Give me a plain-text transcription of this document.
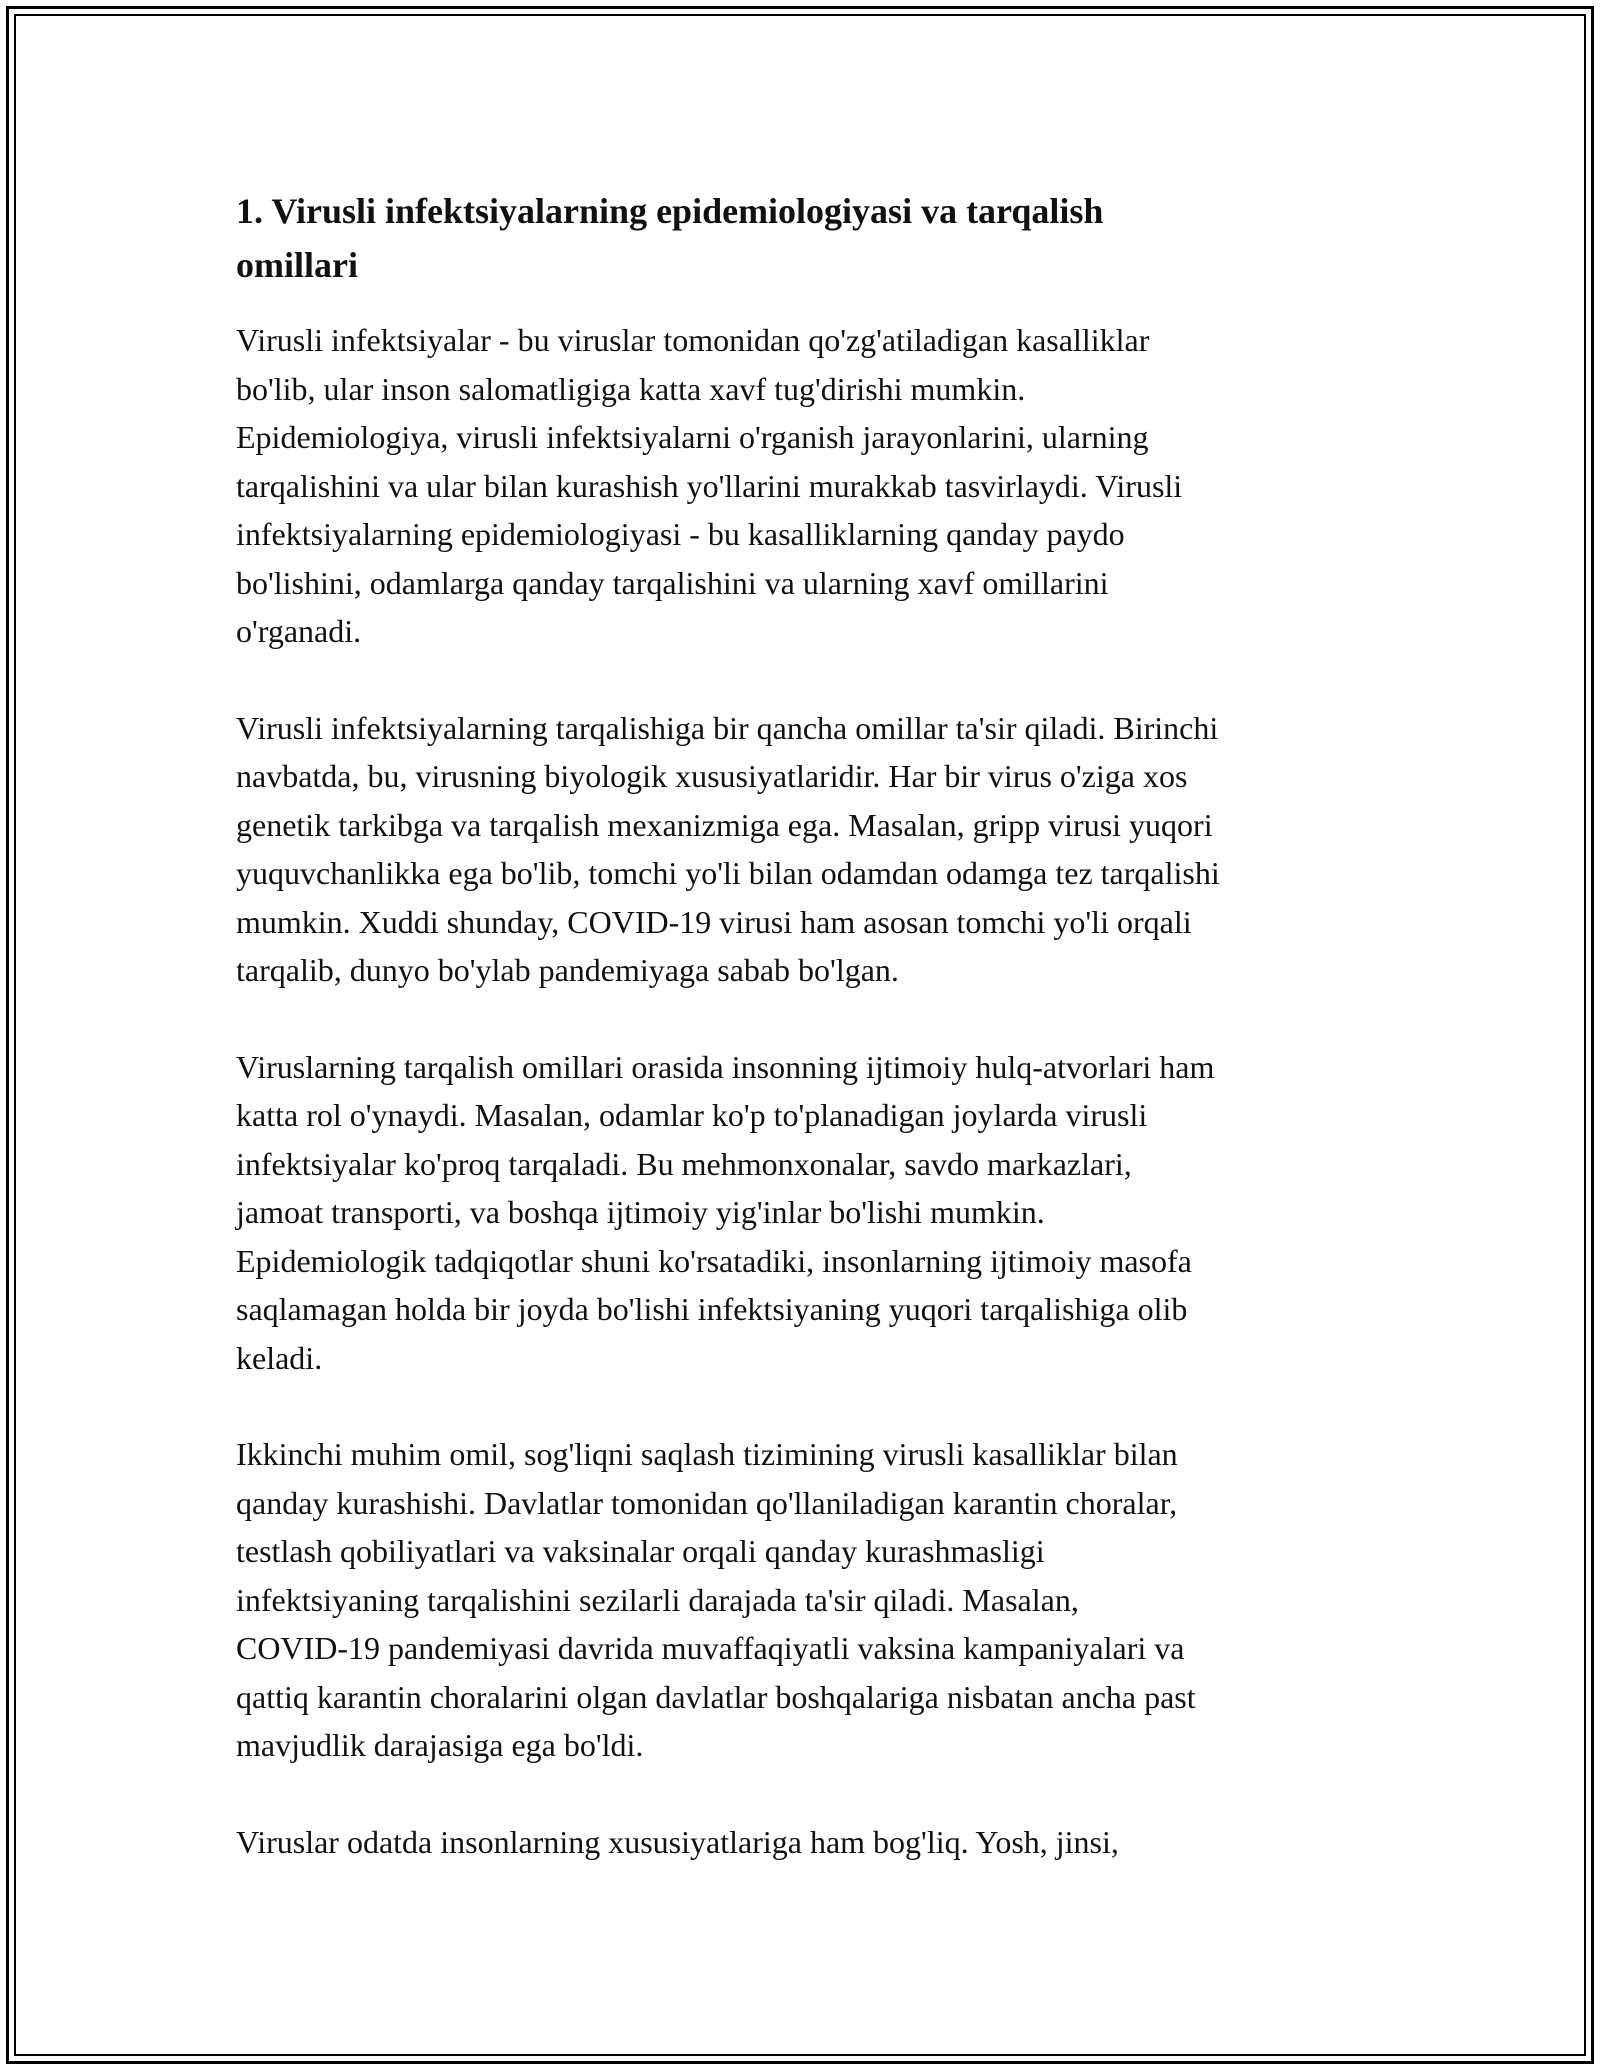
1. Virusli infektsiyalarning epidemiologiyasi va tarqalish
omillari

Virusli infektsiyalar - bu viruslar tomonidan qo'zg'atiladigan kasalliklar
bo'lib, ular inson salomatligiga katta xavf tug'dirishi mumkin.
Epidemiologiya, virusli infektsiyalarni o'rganish jarayonlarini, ularning
tarqalishini va ular bilan kurashish yo'llarini murakkab tasvirlaydi. Virusli
infektsiyalarning epidemiologiyasi - bu kasalliklarning qanday paydo
bo'lishini, odamlarga qanday tarqalishini va ularning xavf omillarini
o'rganadi.

Virusli infektsiyalarning tarqalishiga bir qancha omillar ta'sir qiladi. Birinchi
navbatda, bu, virusning biyologik xususiyatlaridir. Har bir virus o'ziga xos
genetik tarkibga va tarqalish mexanizmiga ega. Masalan, gripp virusi yuqori
yuquvchanlikka ega bo'lib, tomchi yo'li bilan odamdan odamga tez tarqalishi
mumkin. Xuddi shunday, COVID-19 virusi ham asosan tomchi yo'li orqali
tarqalib, dunyo bo'ylab pandemiyaga sabab bo'lgan.

Viruslarning tarqalish omillari orasida insonning ijtimoiy hulq-atvorlari ham
katta rol o'ynaydi. Masalan, odamlar ko'p to'planadigan joylarda virusli
infektsiyalar ko'proq tarqaladi. Bu mehmonxonalar, savdo markazlari,
jamoat transporti, va boshqa ijtimoiy yig'inlar bo'lishi mumkin.
Epidemiologik tadqiqotlar shuni ko'rsatadiki, insonlarning ijtimoiy masofa
saqlamagan holda bir joyda bo'lishi infektsiyaning yuqori tarqalishiga olib
keladi.

Ikkinchi muhim omil, sog'liqni saqlash tizimining virusli kasalliklar bilan
qanday kurashishi. Davlatlar tomonidan qo'llaniladigan karantin choralar,
testlash qobiliyatlari va vaksinalar orqali qanday kurashmasligi
infektsiyaning tarqalishini sezilarli darajada ta'sir qiladi. Masalan,
COVID-19 pandemiyasi davrida muvaffaqiyatli vaksina kampaniyalari va
qattiq karantin choralarini olgan davlatlar boshqalariga nisbatan ancha past
mavjudlik darajasiga ega bo'ldi.

Viruslar odatda insonlarning xususiyatlariga ham bog'liq. Yosh, jinsi,
